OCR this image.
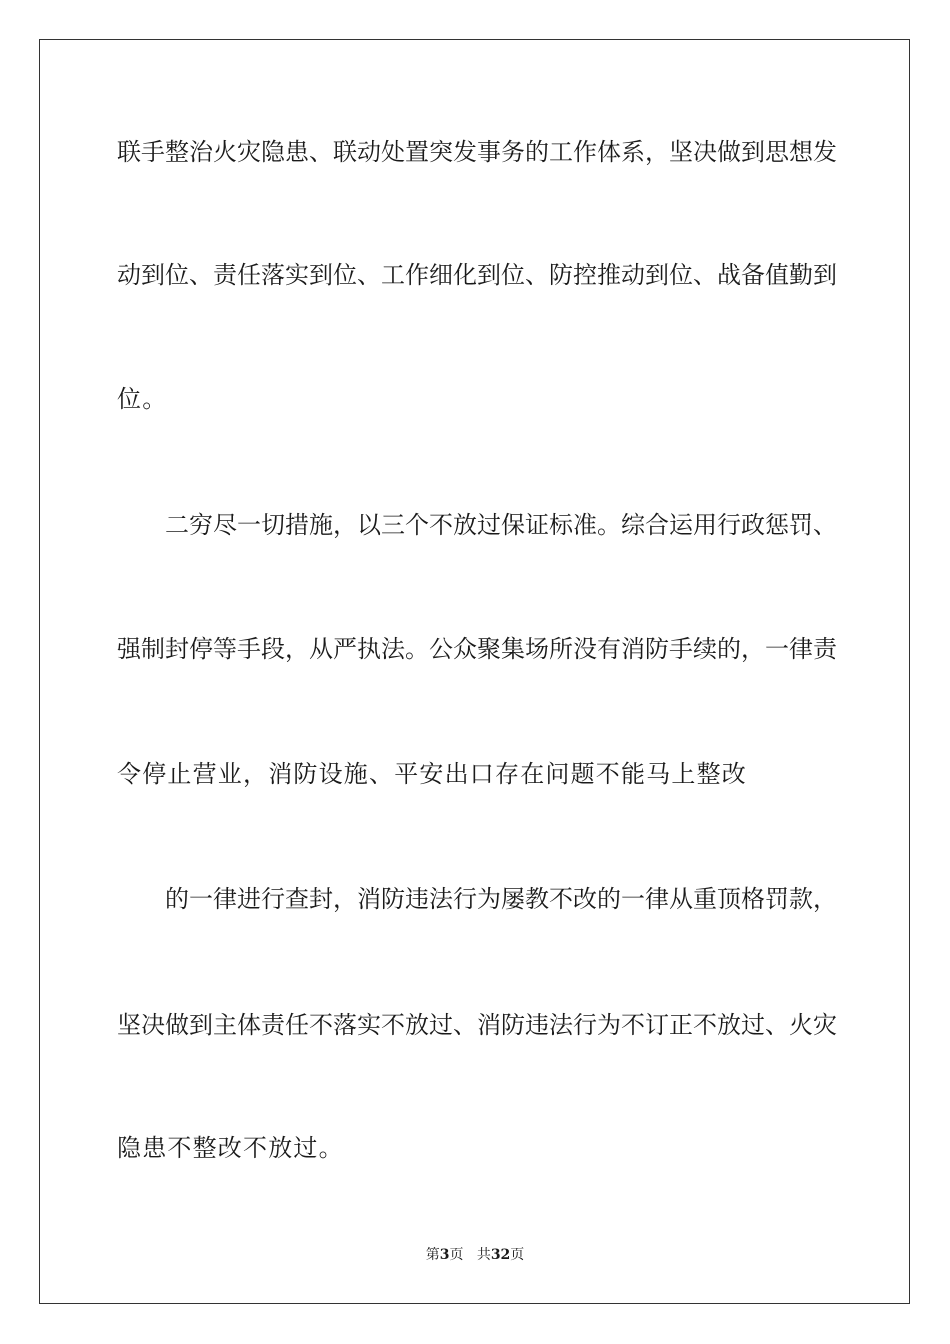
联手整治火灾隐患、联动处置突发事务的工作体系，坚决做到思想发
动到位、责任落实到位、工作细化到位、防控推动到位、战备值勤到
位。
二穷尽一切措施，以三个不放过保证标准。综合运用行政惩罚、
强制封停等手段，从严执法。公众聚集场所没有消防手续的，一律责
令停止营业，消防设施、平安出口存在问题不能马上整改
的一律进行查封，消防违法行为屡教不改的一律从重顶格罚款，
坚决做到主体责任不落实不放过、消防违法行为不订正不放过、火灾
隐患不整改不放过。
第3页 共32页
